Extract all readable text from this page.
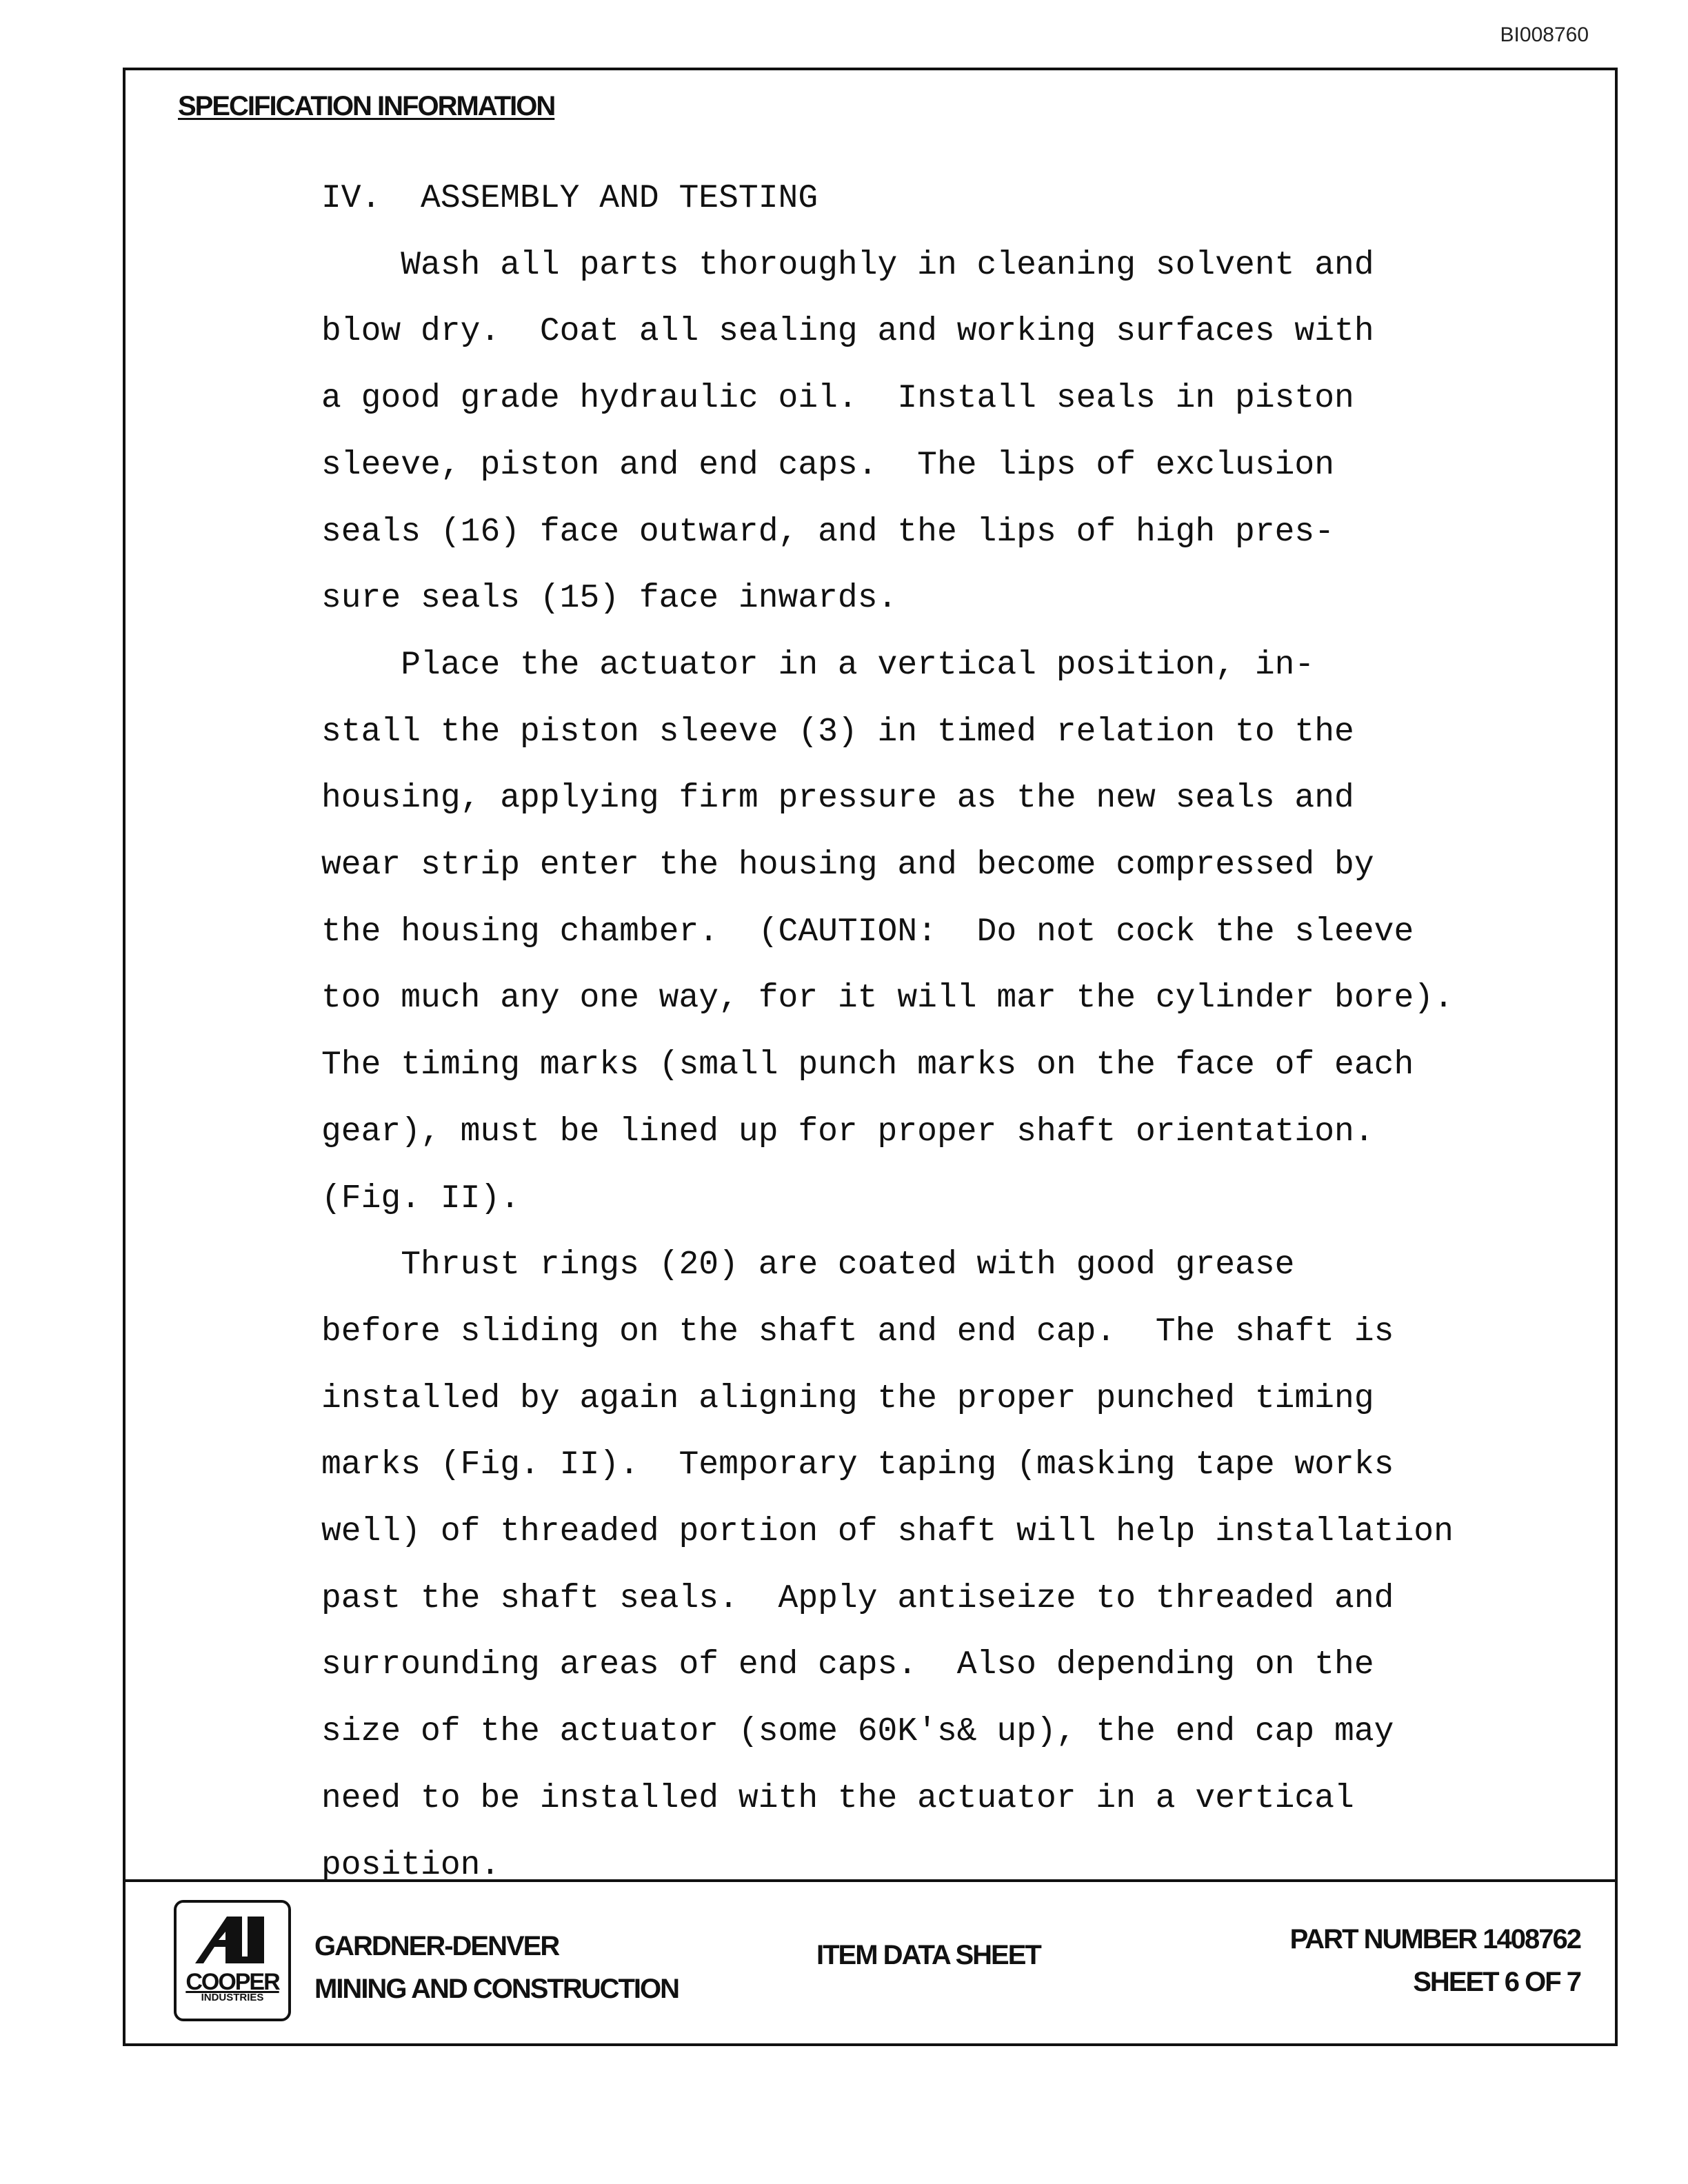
BI008760
SPECIFICATION INFORMATION

IV.  ASSEMBLY AND TESTING

Wash all parts thoroughly in cleaning solvent and
blow dry.  Coat all sealing and working surfaces with
a good grade hydraulic oil.  Install seals in piston
sleeve, piston and end caps.  The lips of exclusion
seals (16) face outward, and the lips of high pres-
sure seals (15) face inwards.

Place the actuator in a vertical position, in-
stall the piston sleeve (3) in timed relation to the
housing, applying firm pressure as the new seals and
wear strip enter the housing and become compressed by
the housing chamber.  (CAUTION:  Do not cock the sleeve
too much any one way, for it will mar the cylinder bore).
The timing marks (small punch marks on the face of each
gear), must be lined up for proper shaft orientation.
(Fig. II).

Thrust rings (20) are coated with good grease
before sliding on the shaft and end cap.  The shaft is
installed by again aligning the proper punched timing
marks (Fig. II).  Temporary taping (masking tape works
well) of threaded portion of shaft will help installation
past the shaft seals.  Apply antiseize to threaded and
surrounding areas of end caps.  Also depending on the
size of the actuator (some 60K's& up), the end cap may
need to be installed with the actuator in a vertical
position.

COOPER
INDUSTRIES
GARDNER-DENVER
MINING AND CONSTRUCTION
ITEM DATA SHEET
PART NUMBER 1408762
SHEET 6 OF 7
